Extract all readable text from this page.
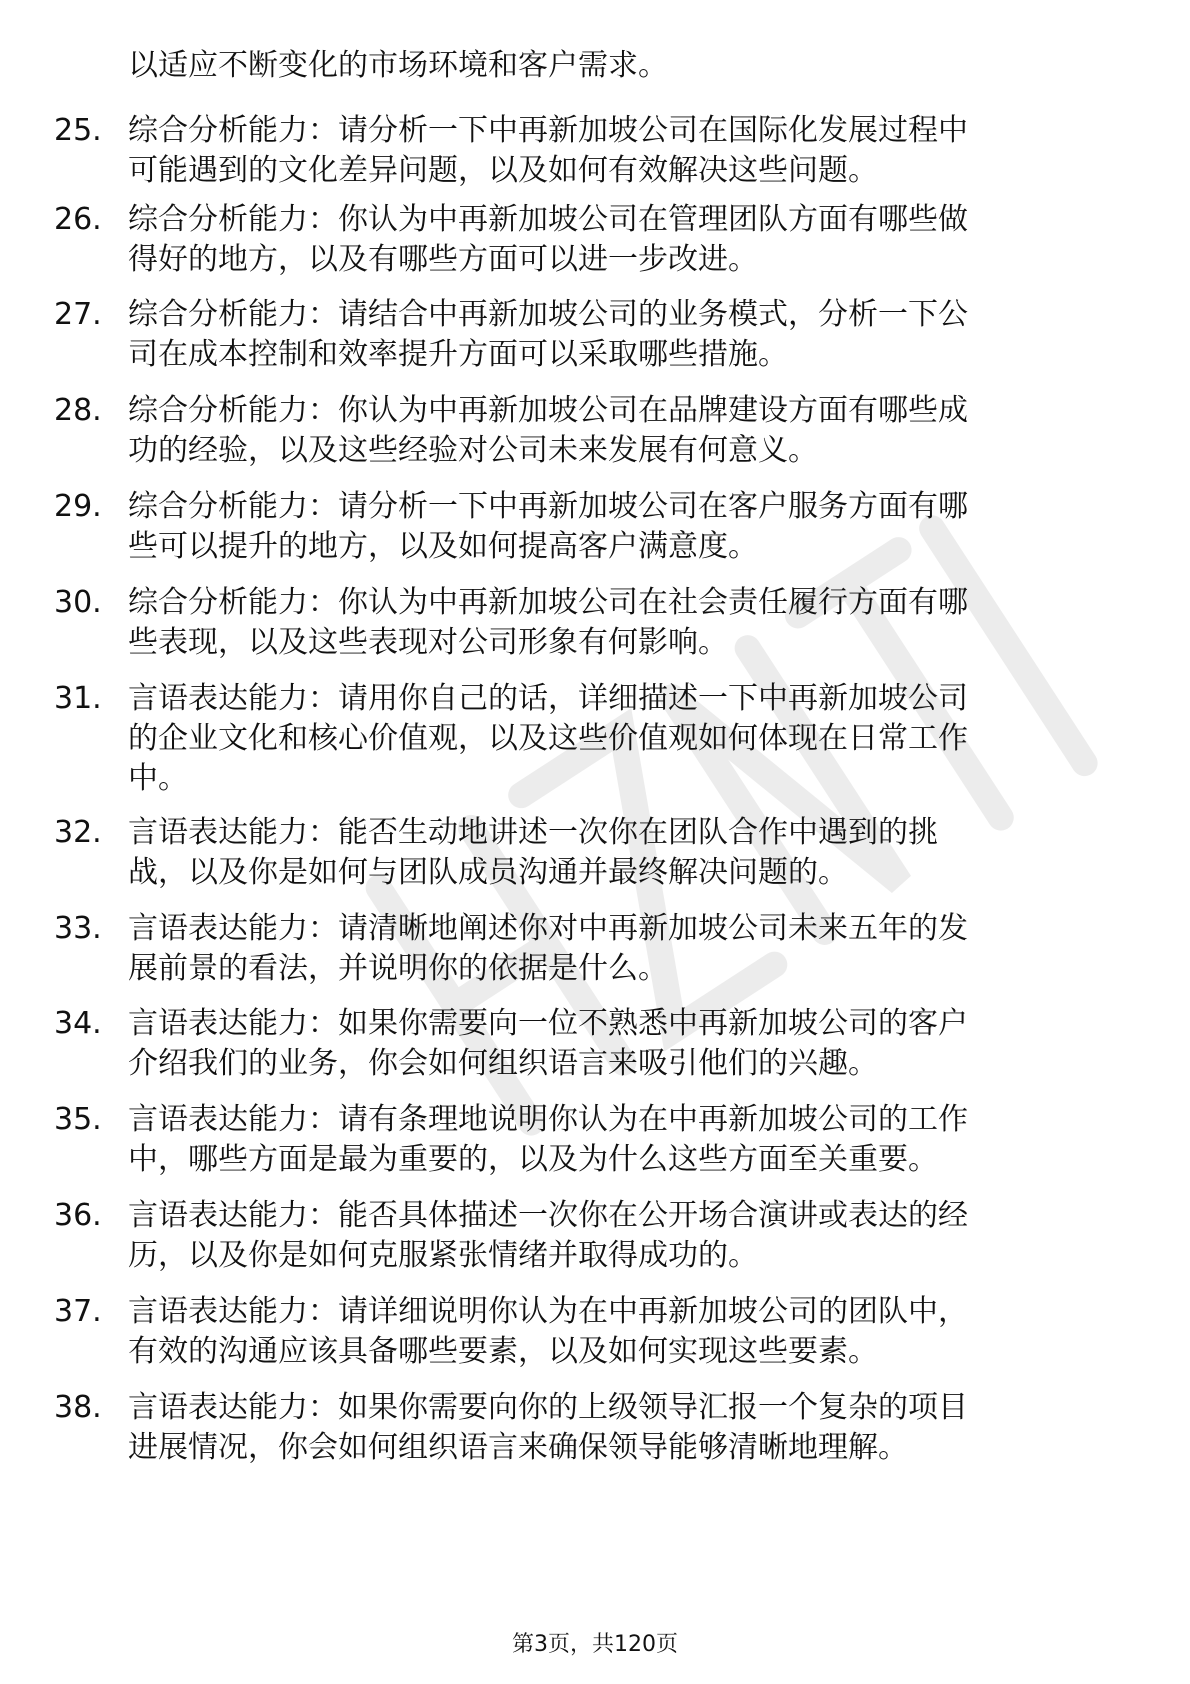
以适应不断变化的市场环境和客户需求。
25. 综合分析能力：请分析一下中再新加坡公司在国际化发展过程中
可能遇到的文化差异问题，以及如何有效解决这些问题。
26. 综合分析能力：你认为中再新加坡公司在管理团队方面有哪些做
得好的地方，以及有哪些方面可以进一步改进。
27. 综合分析能力：请结合中再新加坡公司的业务模式，分析一下公
司在成本控制和效率提升方面可以采取哪些措施。
28. 综合分析能力：你认为中再新加坡公司在品牌建设方面有哪些成
功的经验，以及这些经验对公司未来发展有何意义。
29. 综合分析能力：请分析一下中再新加坡公司在客户服务方面有哪
些可以提升的地方，以及如何提高客户满意度。
30. 综合分析能力：你认为中再新加坡公司在社会责任履行方面有哪
些表现，以及这些表现对公司形象有何影响。
31. 言语表达能力：请用你自己的话，详细描述一下中再新加坡公司
的企业文化和核心价值观，以及这些价值观如何体现在日常工作
中。
32. 言语表达能力：能否生动地讲述一次你在团队合作中遇到的挑
战，以及你是如何与团队成员沟通并最终解决问题的。
33. 言语表达能力：请清晰地阐述你对中再新加坡公司未来五年的发
展前景的看法，并说明你的依据是什么。
34. 言语表达能力：如果你需要向一位不熟悉中再新加坡公司的客户
介绍我们的业务，你会如何组织语言来吸引他们的兴趣。
35. 言语表达能力：请有条理地说明你认为在中再新加坡公司的工作
中，哪些方面是最为重要的，以及为什么这些方面至关重要。
36. 言语表达能力：能否具体描述一次你在公开场合演讲或表达的经
历，以及你是如何克服紧张情绪并取得成功的。
37. 言语表达能力：请详细说明你认为在中再新加坡公司的团队中，
有效的沟通应该具备哪些要素，以及如何实现这些要素。
38. 言语表达能力：如果你需要向你的上级领导汇报一个复杂的项目
进展情况，你会如何组织语言来确保领导能够清晰地理解。
第3页，共120页
